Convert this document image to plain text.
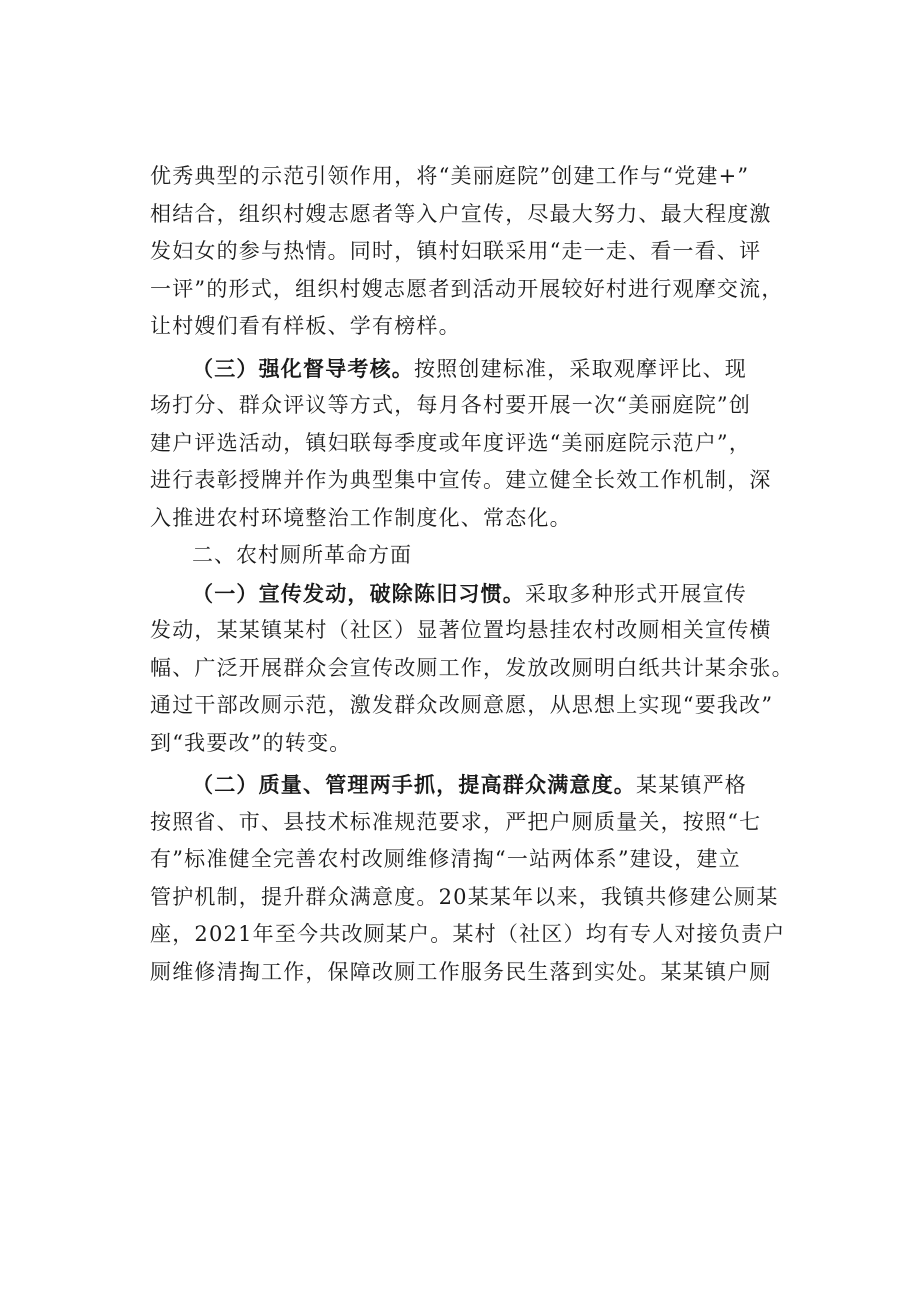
优秀典型的示范引领作用，将“美丽庭院”创建工作与“党建+”
相结合，组织村嫂志愿者等入户宣传，尽最大努力、最大程度激
发妇女的参与热情。同时，镇村妇联采用“走一走、看一看、评
一评”的形式，组织村嫂志愿者到活动开展较好村进行观摩交流，
让村嫂们看有样板、学有榜样。
（三）强化督导考核。按照创建标准，采取观摩评比、现
场打分、群众评议等方式，每月各村要开展一次“美丽庭院”创
建户评选活动，镇妇联每季度或年度评选“美丽庭院示范户”，
进行表彰授牌并作为典型集中宣传。建立健全长效工作机制，深
入推进农村环境整治工作制度化、常态化。
二、农村厕所革命方面
（一）宣传发动，破除陈旧习惯。采取多种形式开展宣传
发动，某某镇某村（社区）显著位置均悬挂农村改厕相关宣传横
幅、广泛开展群众会宣传改厕工作，发放改厕明白纸共计某余张。
通过干部改厕示范，激发群众改厕意愿，从思想上实现“要我改”
到“我要改”的转变。
（二）质量、管理两手抓，提高群众满意度。某某镇严格
按照省、市、县技术标准规范要求，严把户厕质量关，按照“七
有”标准健全完善农村改厕维修清掏“一站两体系”建设，建立
管护机制，提升群众满意度。20某某年以来，我镇共修建公厕某
座，2021年至今共改厕某户。某村（社区）均有专人对接负责户
厕维修清掏工作，保障改厕工作服务民生落到实处。某某镇户厕
